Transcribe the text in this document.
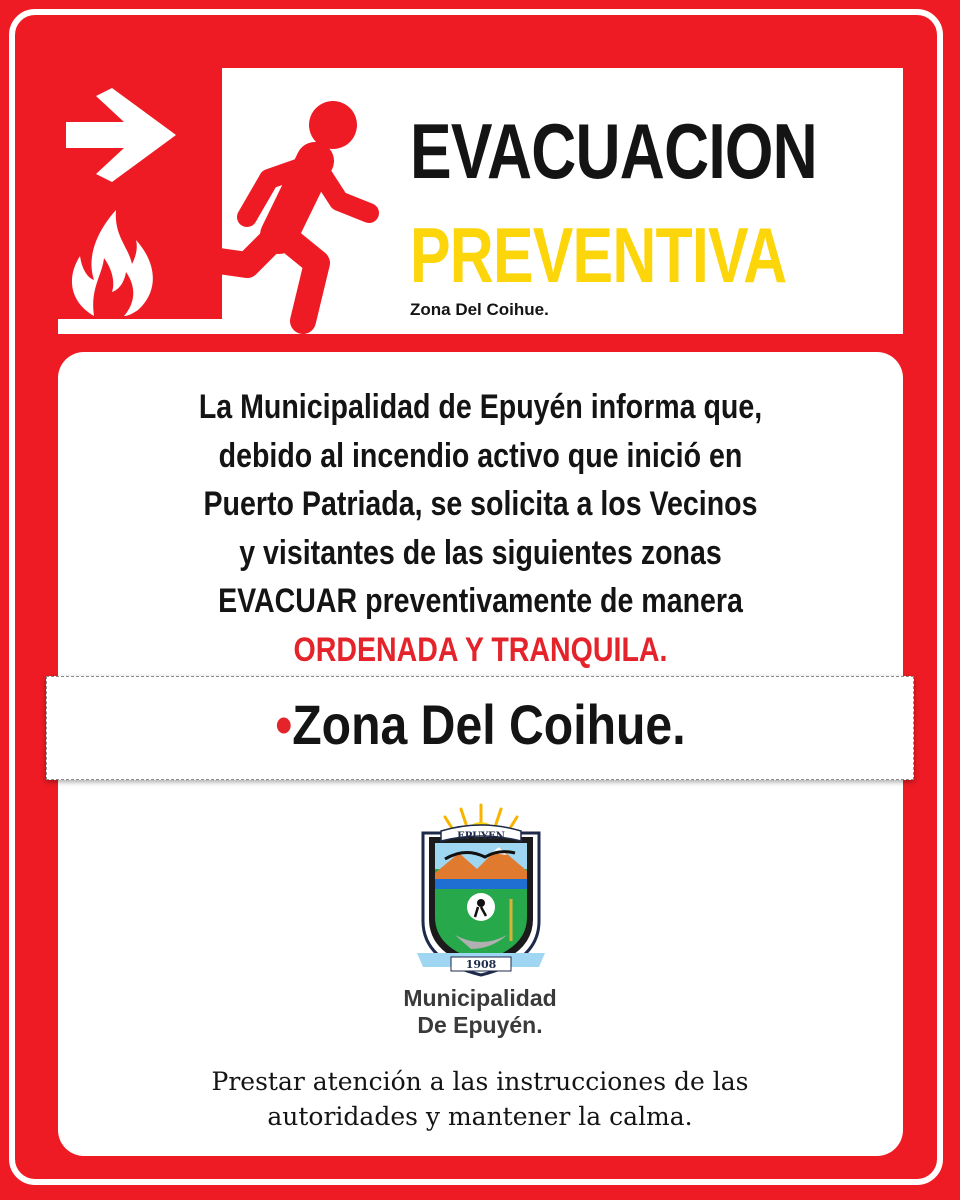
EVACUACION
PREVENTIVA
Zona Del Coihue.
La Municipalidad de Epuyén informa que,
debido al incendio activo que inició en
Puerto Patriada, se solicita a los Vecinos
y visitantes de las siguientes zonas
EVACUAR preventivamente de manera
ORDENADA Y TRANQUILA.
•Zona Del Coihue.
EPUYEN
1908
Municipalidad
De Epuyén.
Prestar atención a las instrucciones de las
autoridades y mantener la calma.
